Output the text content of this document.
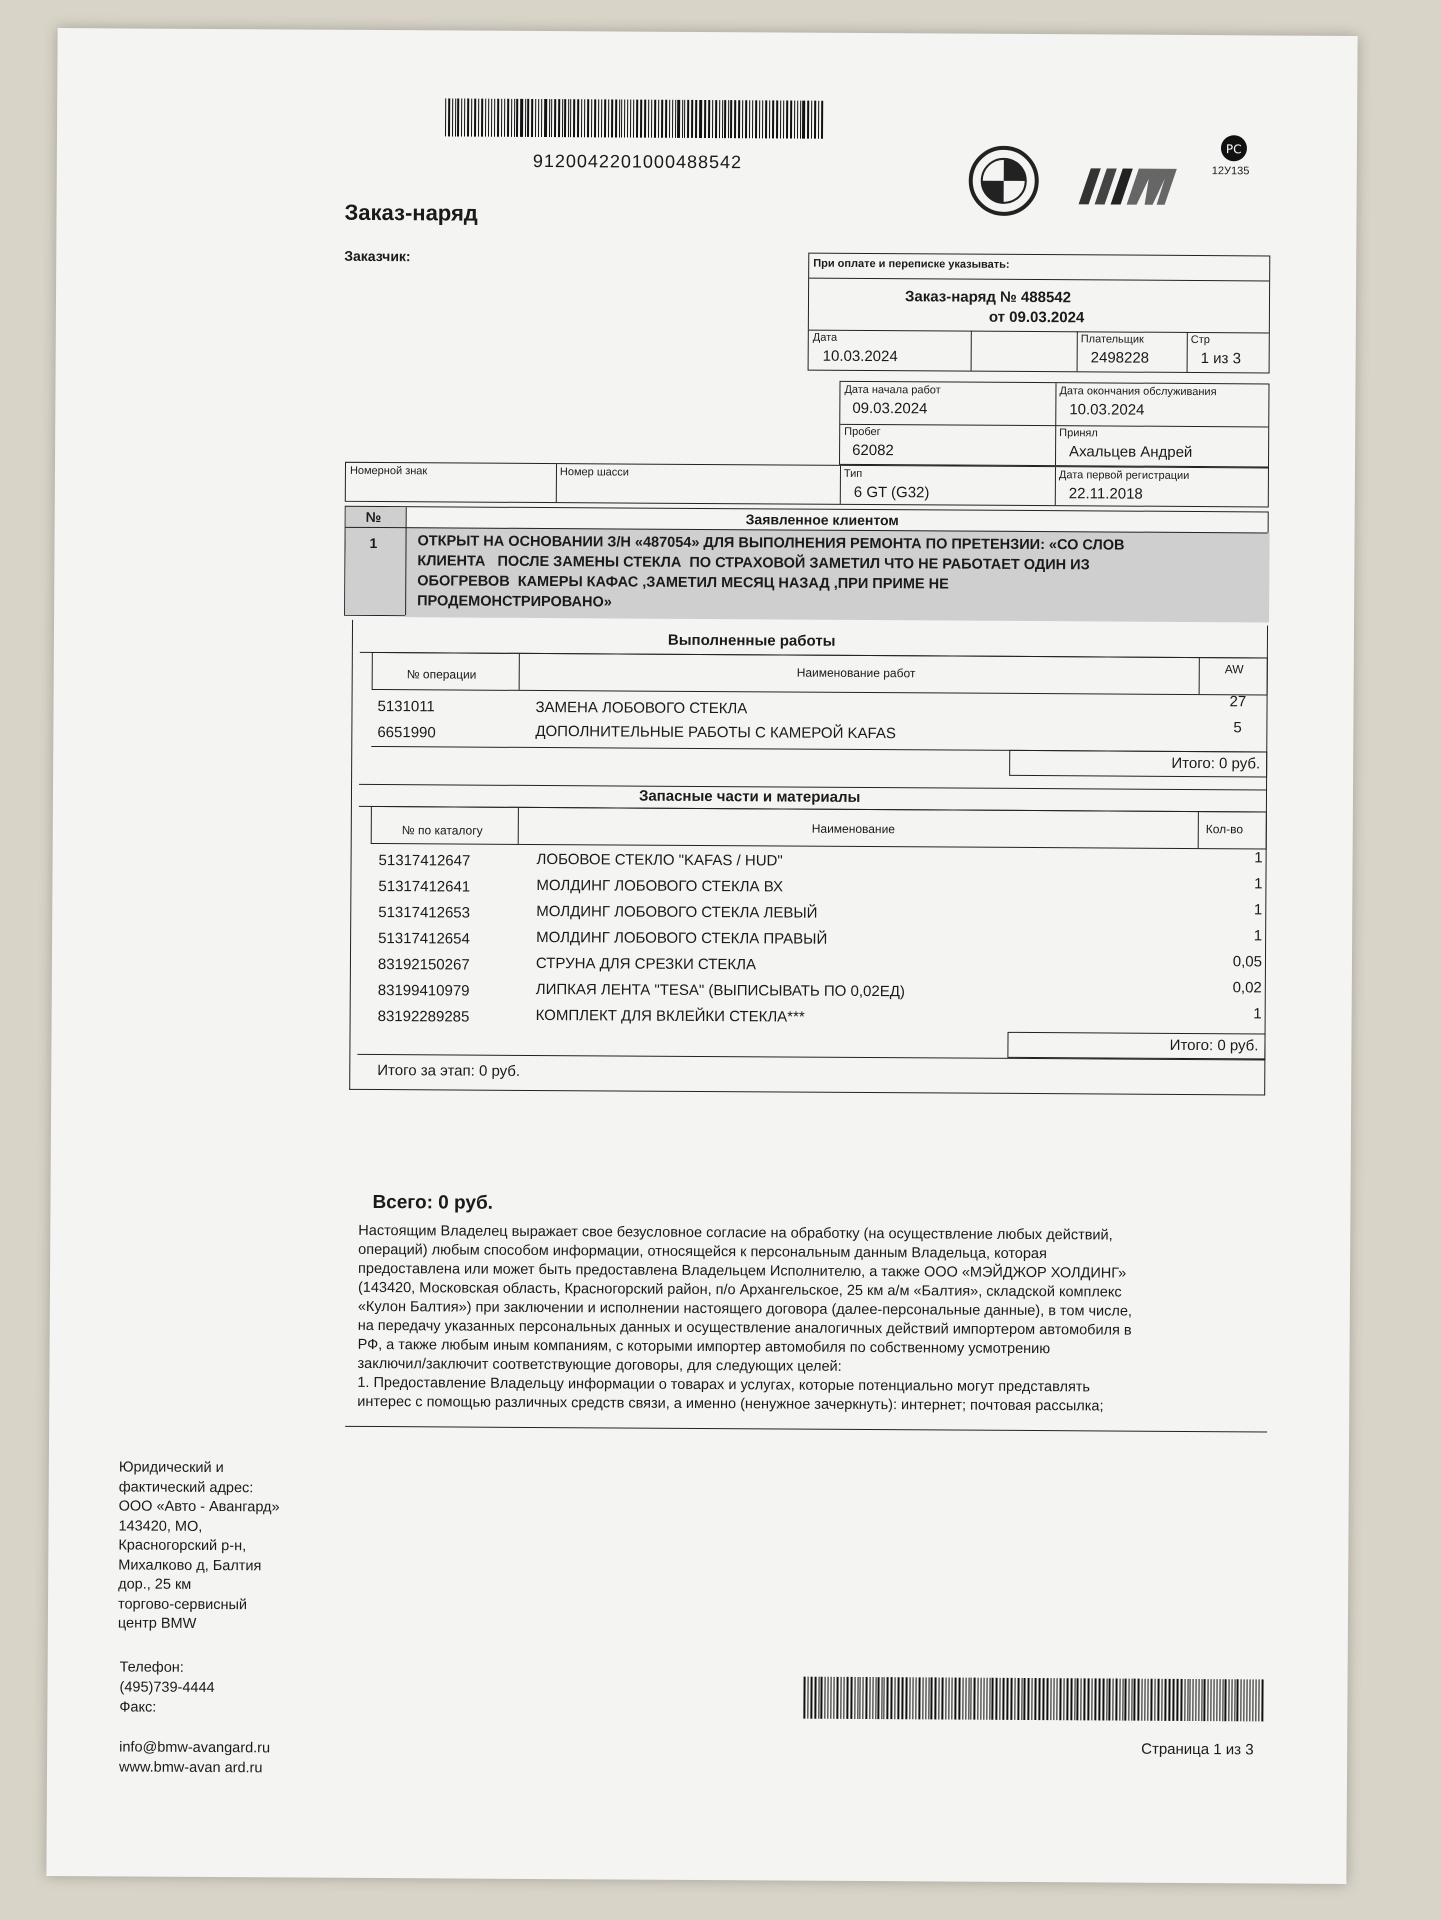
9120042201000488542
PC
12У135
Заказ-наряд
Заказчик:
При оплате и переписке указывать:
Заказ-наряд № 488542
от 09.03.2024
Дата
10.03.2024
Плательщик
2498228
Стр
1 из 3
Дата начала работ
09.03.2024
Дата окончания обслуживания
10.03.2024
Пробег
62082
Принял
Ахальцев Андрей
Номерной знак	Номер шасси	Тип
6 GT (G32)
Дата первой регистрации
22.11.2018
№	Заявленное клиентом
1	ОТКРЫТ НА ОСНОВАНИИ З/Н «487054» ДЛЯ ВЫПОЛНЕНИЯ РЕМОНТА ПО ПРЕТЕНЗИИ: «СО СЛОВ
КЛИЕНТА   ПОСЛЕ ЗАМЕНЫ СТЕКЛА  ПО СТРАХОВОЙ ЗАМЕТИЛ ЧТО НЕ РАБОТАЕТ ОДИН ИЗ
ОБОГРЕВОВ  КАМЕРЫ КАФАС ,ЗАМЕТИЛ МЕСЯЦ НАЗАД ,ПРИ ПРИМЕ НЕ
ПРОДЕМОНСТРИРОВАНО»
Выполненные работы
№ операции	Наименование работ	AW
5131011	ЗАМЕНА ЛОБОВОГО СТЕКЛА	27
6651990	ДОПОЛНИТЕЛЬНЫЕ РАБОТЫ С КАМЕРОЙ KAFAS	5
Итого: 0 руб.
Запасные части и материалы
№ по каталогу	Наименование	Кол-во
51317412647	ЛОБОВОЕ СТЕКЛО "KAFAS / HUD"	1
51317412641	МОЛДИНГ ЛОБОВОГО СТЕКЛА ВХ	1
51317412653	МОЛДИНГ ЛОБОВОГО СТЕКЛА ЛЕВЫЙ	1
51317412654	МОЛДИНГ ЛОБОВОГО СТЕКЛА ПРАВЫЙ	1
83192150267	СТРУНА ДЛЯ СРЕЗКИ СТЕКЛА	0,05
83199410979	ЛИПКАЯ ЛЕНТА "TESA" (ВЫПИСЫВАТЬ ПО 0,02ЕД)	0,02
83192289285	КОМПЛЕКТ ДЛЯ ВКЛЕЙКИ СТЕКЛА***	1
Итого: 0 руб.
Итого за этап: 0 руб.
Всего: 0 руб.
Настоящим Владелец выражает свое безусловное согласие на обработку (на осуществление любых действий,
операций) любым способом информации, относящейся к персональным данным Владельца, которая
предоставлена или может быть предоставлена Владельцем Исполнителю, а также ООО «МЭЙДЖОР ХОЛДИНГ»
(143420, Московская область, Красногорский район, п/о Архангельское, 25 км а/м «Балтия», складской комплекс
«Кулон Балтия») при заключении и исполнении настоящего договора (далее-персональные данные), в том числе,
на передачу указанных персональных данных и осуществление аналогичных действий импортером автомобиля в
РФ, а также любым иным компаниям, с которыми импортер автомобиля по собственному усмотрению
заключил/заключит соответствующие договоры, для следующих целей:
1. Предоставление Владельцу информации о товарах и услугах, которые потенциально могут представлять
интерес с помощью различных средств связи, а именно (ненужное зачеркнуть): интернет; почтовая рассылка;
Юридический и
фактический адрес:
ООО «Авто - Авангард»
143420, МО,
Красногорский р-н,
Михалково д, Балтия
дор., 25 км
торгово-сервисный
центр BMW
Телефон:
(495)739-4444
Факс:
info@bmw-avangard.ru
www.bmw-avan ard.ru
Страница 1 из 3
